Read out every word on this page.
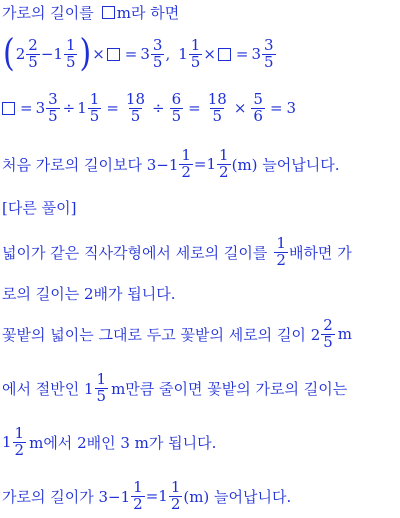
가로의 길이를 m라 하면
( $2 \frac{2}{5} - 1 \frac{1}{5}$ ) × = $3 \frac{3}{5}$ , $1 \frac{1}{5}$ × = $3 \frac{3}{5}$
= $3 \frac{3}{5} \div 1 \frac{1}{5} = \frac{18}{5} \div \frac{6}{5} = \frac{18}{5} \times \frac{5}{6} = 3$
처음 가로의 길이보다 $3-1 \frac{1}{2} =1 \frac{1}{2} (m)$ 늘어납니다.
[다른 풀이]
넓이가 같은 직사각형에서 세로의 길이를 $\frac{1}{2}$ 배하면 가
로의 길이는 2배가 됩니다.
꽃밭의 넓이는 그대로 두고 꽃밭의 세로의 길이 $2 \frac{2}{5}$ m
에서 절반인 $1 \frac{1}{5}$ m만큼 줄이면 꽃밭의 가로의 길이는
$1 \frac{1}{2}$ m에서 2배인 3 m가 됩니다.
가로의 길이가 $3-1 \frac{1}{2} =1 \frac{1}{2} (m)$ 늘어납니다.
